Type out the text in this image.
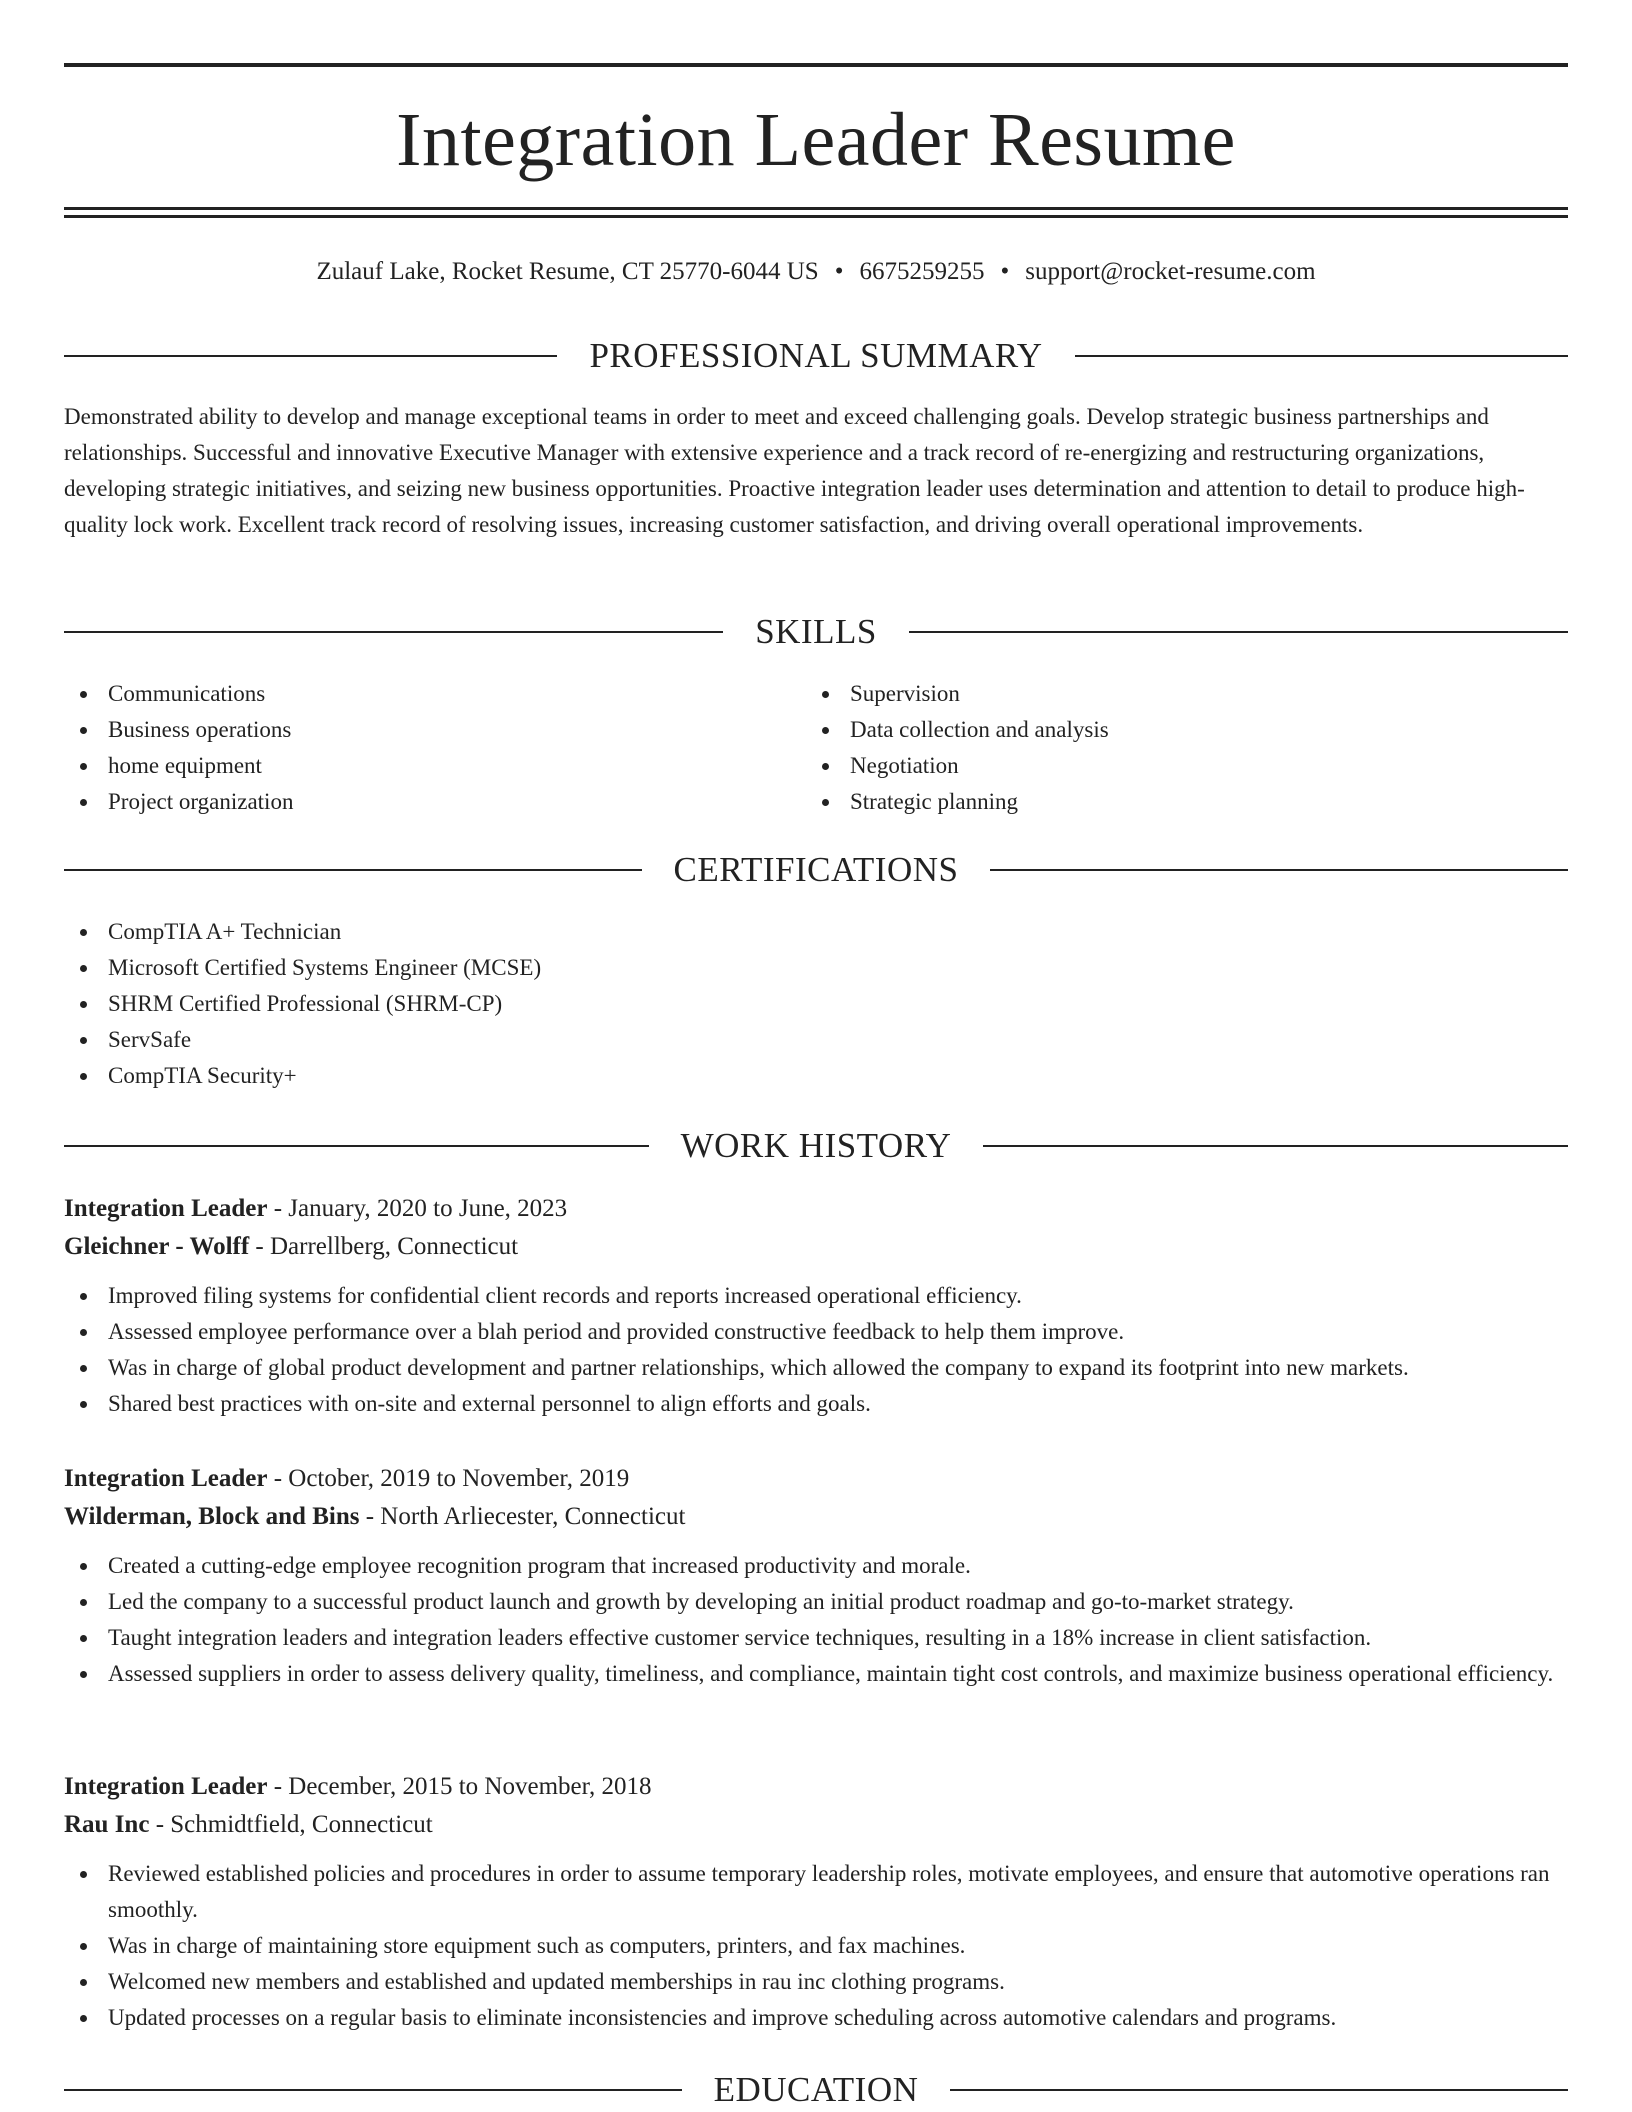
Integration Leader Resume
Zulauf Lake, Rocket Resume, CT 25770-6044 US • 6675259255 • support@rocket-resume.com
PROFESSIONAL SUMMARY

Demonstrated ability to develop and manage exceptional teams in order to meet and exceed challenging goals. Develop strategic business partnerships and relationships. Successful and innovative Executive Manager with extensive experience and a track record of re-energizing and restructuring organizations, developing strategic initiatives, and seizing new business opportunities. Proactive integration leader uses determination and attention to detail to produce high-quality lock work. Excellent track record of resolving issues, increasing customer satisfaction, and driving overall operational improvements.

SKILLS
Communications
Business operations
home equipment
Project organization
Supervision
Data collection and analysis
Negotiation
Strategic planning
CERTIFICATIONS
CompTIA A+ Technician
Microsoft Certified Systems Engineer (MCSE)
SHRM Certified Professional (SHRM-CP)
ServSafe
CompTIA Security+
WORK HISTORY
Integration Leader - January, 2020 to June, 2023
Gleichner - Wolff - Darrellberg, Connecticut
Improved filing systems for confidential client records and reports increased operational efficiency.
Assessed employee performance over a blah period and provided constructive feedback to help them improve.
Was in charge of global product development and partner relationships, which allowed the company to expand its footprint into new markets.
Shared best practices with on-site and external personnel to align efforts and goals.
Integration Leader - October, 2019 to November, 2019
Wilderman, Block and Bins - North Arliecester, Connecticut
Created a cutting-edge employee recognition program that increased productivity and morale.
Led the company to a successful product launch and growth by developing an initial product roadmap and go-to-market strategy.
Taught integration leaders and integration leaders effective customer service techniques, resulting in a 18% increase in client satisfaction.
Assessed suppliers in order to assess delivery quality, timeliness, and compliance, maintain tight cost controls, and maximize business operational efficiency.
Integration Leader - December, 2015 to November, 2018
Rau Inc - Schmidtfield, Connecticut
Reviewed established policies and procedures in order to assume temporary leadership roles, motivate employees, and ensure that automotive operations ran smoothly.
Was in charge of maintaining store equipment such as computers, printers, and fax machines.
Welcomed new members and established and updated memberships in rau inc clothing programs.
Updated processes on a regular basis to eliminate inconsistencies and improve scheduling across automotive calendars and programs.
EDUCATION
